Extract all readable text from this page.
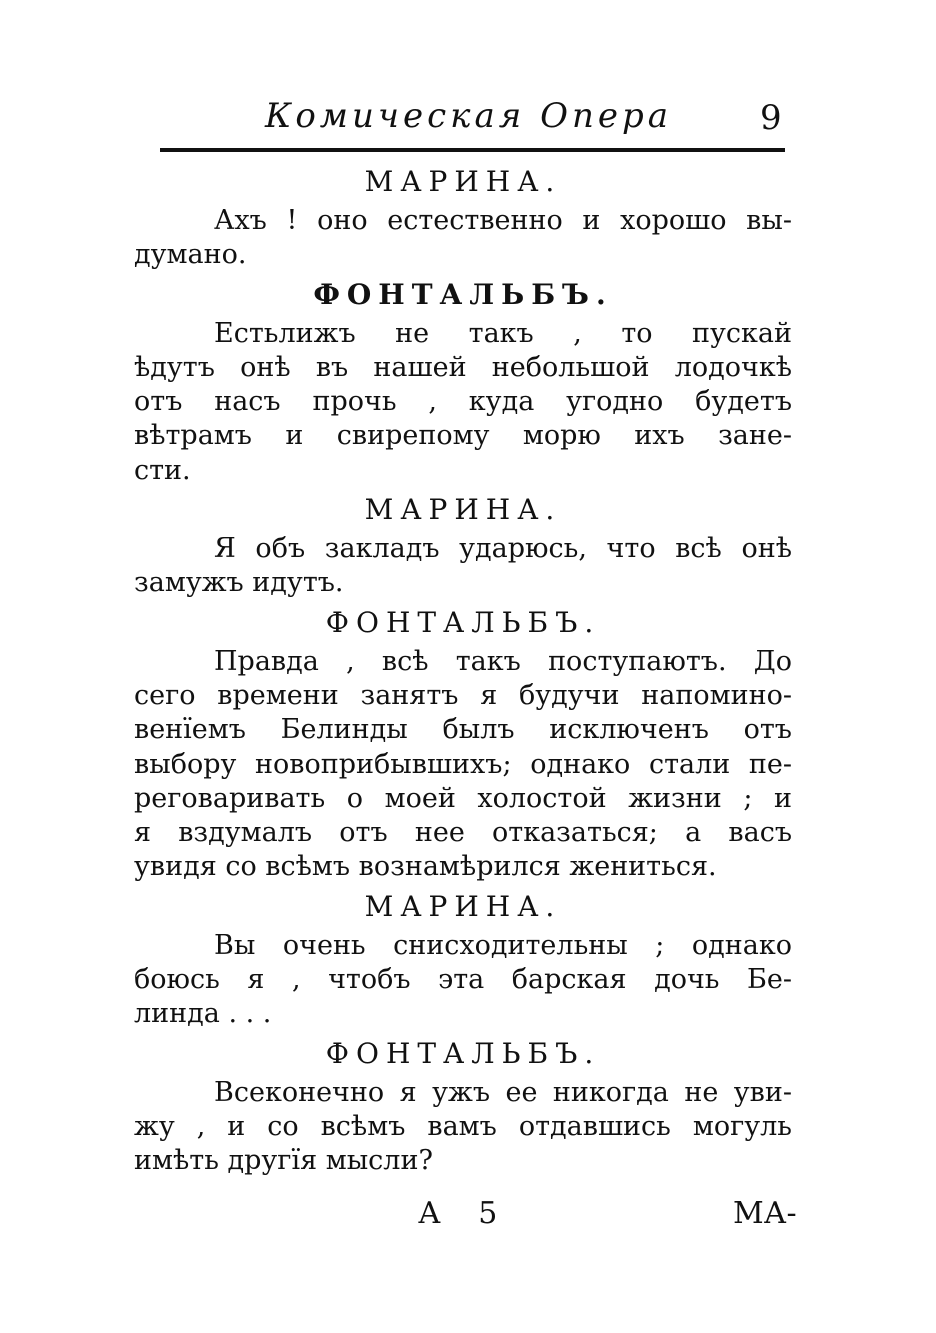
Комическая Опера	9
МАРИНА.
Ахъ ! оно естественно и хорошо вы-
думано.
ФОНТАЛЬБЪ.
Естьлижъ не такъ , то пускай
ѣдутъ онѣ въ нашей небольшой лодочкѣ
отъ насъ прочь , куда угодно будетъ
вѣтрамъ и свирепому морю ихъ занe-
сти.
МАРИНА.
Я объ закладъ ударюсь, что всѣ онѣ
замужъ идутъ.
ФОНТАЛЬБЪ.
Правда , всѣ такъ поступаютъ. До
сего времени занятъ я будучи напомино-
венїемъ Белинды былъ исключенъ отъ
выбору новоприбывшихъ; однако стали пе-
реговаривать о моей холостой жизни ; и
я вздумалъ отъ нее отказаться; а васъ
увидя со всѣмъ вознамѣрился жениться.
МАРИНА.
Вы очень снисходительны ; однако
боюсь я , чтобъ эта барская дочь Бе-
линда . . .
ФОНТАЛЬБЪ.
Всеконечно я ужъ ее никогда не уви-
жу , и со всѣмъ вамъ отдавшись могуль
имѣть другїя мысли?
А 5	МА-
